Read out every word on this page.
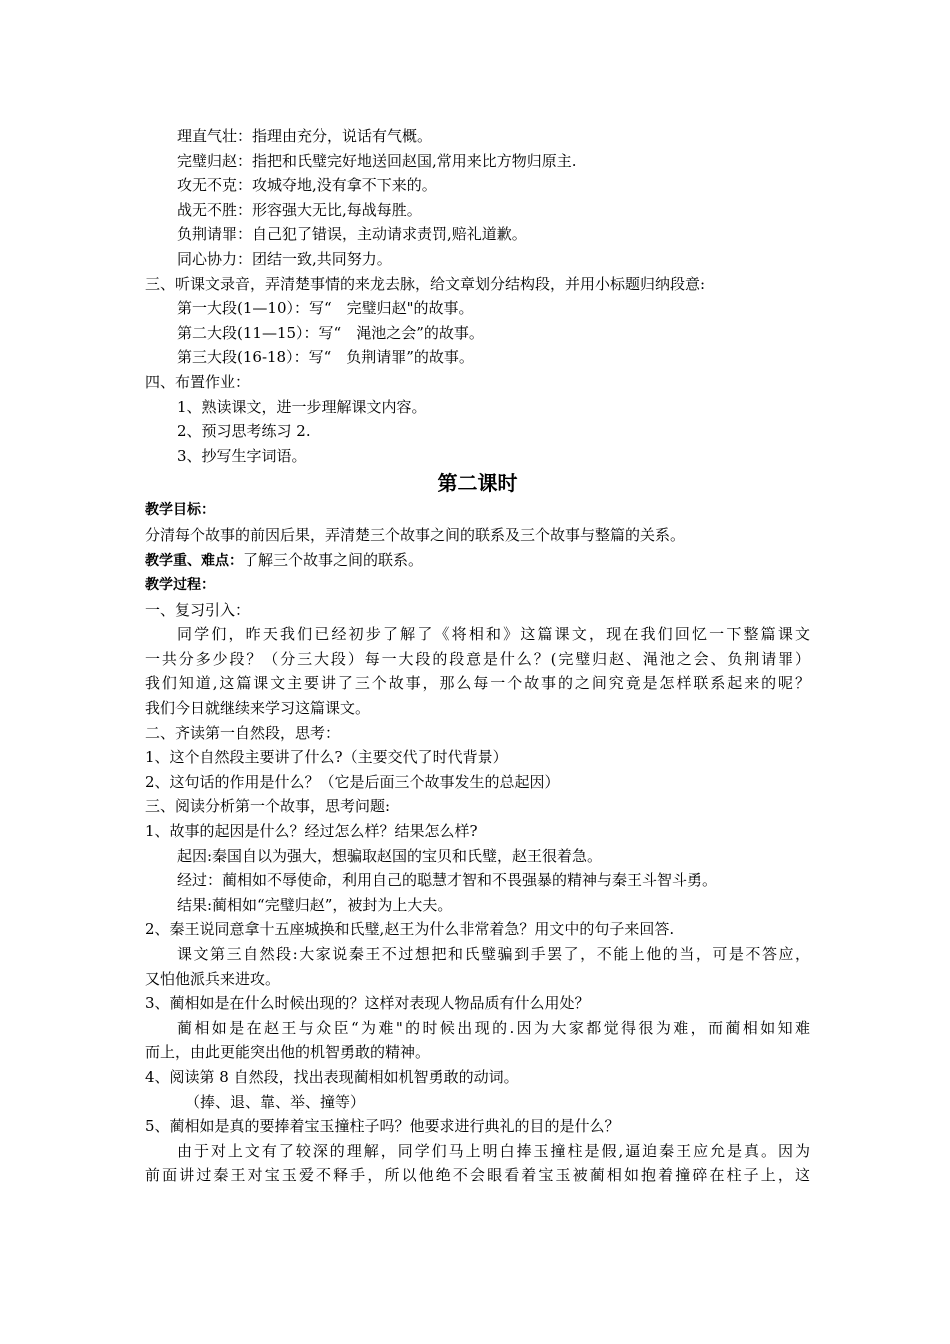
理直气壮：指理由充分，说话有气概。
完璧归赵：指把和氏璧完好地送回赵国,常用来比方物归原主.
攻无不克：攻城夺地,没有拿不下来的。
战无不胜：形容强大无比,每战每胜。
负荆请罪：自己犯了错误，主动请求责罚,赔礼道歉。
同心协力：团结一致,共同努力。
三、听课文录音，弄清楚事情的来龙去脉，给文章划分结构段，并用小标题归纳段意:
第一大段(1—10）：写“　完璧归赵"的故事。
第二大段(11—15）：写“　渑池之会”的故事。
第三大段(16-18）：写“　负荆请罪”的故事。
四、布置作业：
1、熟读课文，进一步理解课文内容。
2、预习思考练习 2.
3、抄写生字词语。
第二课时
教学目标：
分清每个故事的前因后果，弄清楚三个故事之间的联系及三个故事与整篇的关系。
教学重、难点：了解三个故事之间的联系。
教学过程：
一、复习引入：
同学们，昨天我们已经初步了解了《将相和》这篇课文，现在我们回忆一下整篇课文
一共分多少段？（分三大段）每一大段的段意是什么？(完璧归赵、渑池之会、负荆请罪）
我们知道,这篇课文主要讲了三个故事，那么每一个故事的之间究竟是怎样联系起来的呢？
我们今日就继续来学习这篇课文。
二、齐读第一自然段，思考：
1、这个自然段主要讲了什么?（主要交代了时代背景）
2、这句话的作用是什么？（它是后面三个故事发生的总起因）
三、阅读分析第一个故事，思考问题:
1、故事的起因是什么？经过怎么样？结果怎么样?
起因:秦国自以为强大，想骗取赵国的宝贝和氏璧，赵王很着急。
经过：蔺相如不辱使命，利用自己的聪慧才智和不畏强暴的精神与秦王斗智斗勇。
结果:蔺相如“完璧归赵”，被封为上大夫。
2、秦王说同意拿十五座城换和氏璧,赵王为什么非常着急？用文中的句子来回答.
课文第三自然段:大家说秦王不过想把和氏璧骗到手罢了，不能上他的当，可是不答应，
又怕他派兵来进攻。
3、蔺相如是在什么时候出现的？这样对表现人物品质有什么用处？
蔺相如是在赵王与众臣“为难"的时候出现的.因为大家都觉得很为难，而蔺相如知难
而上，由此更能突出他的机智勇敢的精神。
4、阅读第 8 自然段，找出表现蔺相如机智勇敢的动词。
（捧、退、靠、举、撞等）
5、蔺相如是真的要捧着宝玉撞柱子吗？他要求进行典礼的目的是什么？
由于对上文有了较深的理解，同学们马上明白捧玉撞柱是假,逼迫秦王应允是真。因为
前面讲过秦王对宝玉爱不释手，所以他绝不会眼看着宝玉被蔺相如抱着撞碎在柱子上，这
